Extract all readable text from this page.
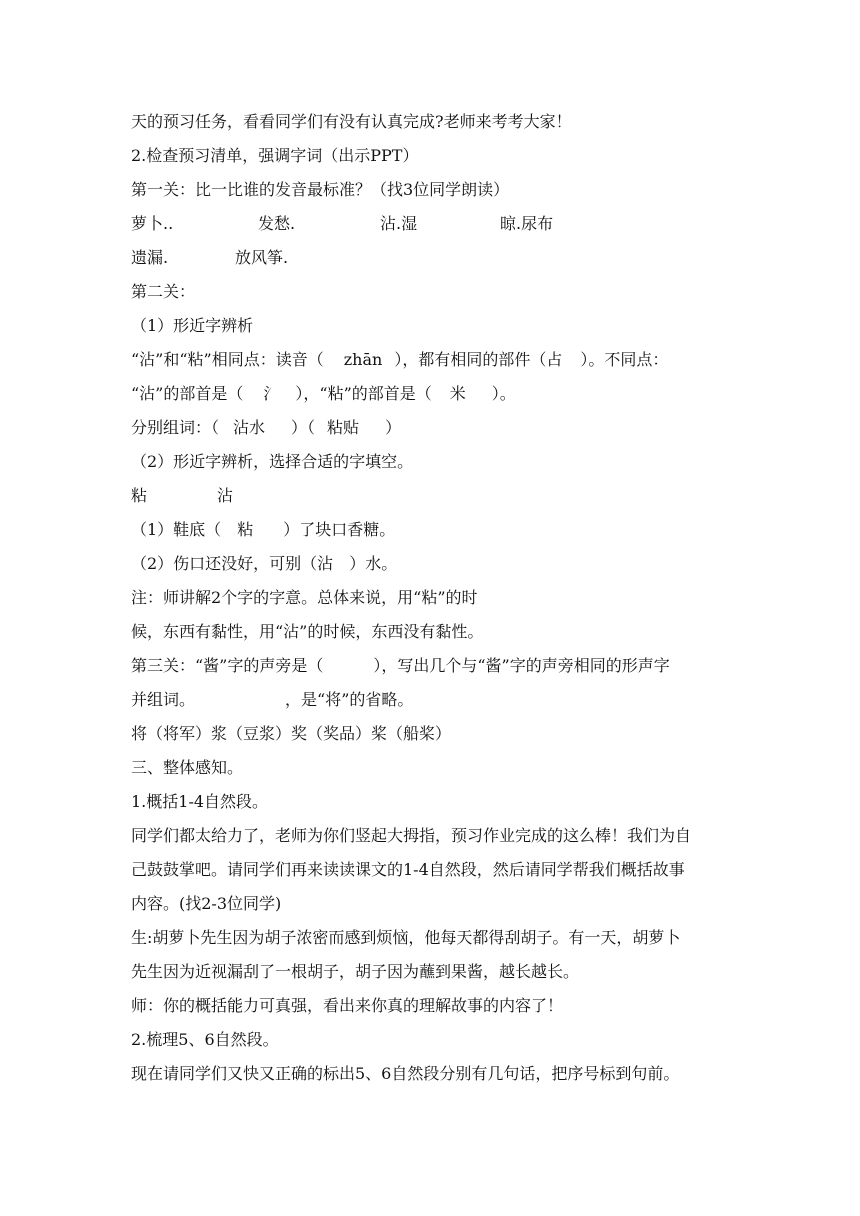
天的预习任务，看看同学们有没有认真完成?老师来考考大家！
2.检查预习清单，强调字词（出示PPT）
第一关：比一比谁的发音最标准？（找3位同学朗读）
萝卜..	发愁.	沾.湿	晾.尿布
遗漏.	放风筝.
第二关：
（1）形近字辨析
“沾”和“粘”相同点：读音（ zhān ），都有相同的部件（占 ）。不同点：
“沾”的部首是（ 氵 ），“粘”的部首是（ 米 ）。
分别组词：（ 沾水 ）（ 粘贴 ）
（2）形近字辨析，选择合适的字填空。
粘	沾
（1）鞋底（ 粘 ）了块口香糖。
（2）伤口还没好，可别（沾 ）水。
注：师讲解2个字的字意。总体来说，用“粘”的时
候，东西有黏性，用“沾”的时候，东西没有黏性。
第三关：“酱”字的声旁是（	），写出几个与“酱”字的声旁相同的形声字
并组词。	，是“将”的省略。
将（将军）浆（豆浆）奖（奖品）桨（船桨）
三、整体感知。
1.概括1-4自然段。
同学们都太给力了，老师为你们竖起大拇指，预习作业完成的这么棒！我们为自
己鼓鼓掌吧。请同学们再来读读课文的1-4自然段，然后请同学帮我们概括故事
内容。(找2-3位同学)
生:胡萝卜先生因为胡子浓密而感到烦恼，他每天都得刮胡子。有一天，胡萝卜
先生因为近视漏刮了一根胡子，胡子因为蘸到果酱，越长越长。
师：你的概括能力可真强，看出来你真的理解故事的内容了！
2.梳理5、6自然段。
现在请同学们又快又正确的标出5、6自然段分别有几句话，把序号标到句前。
